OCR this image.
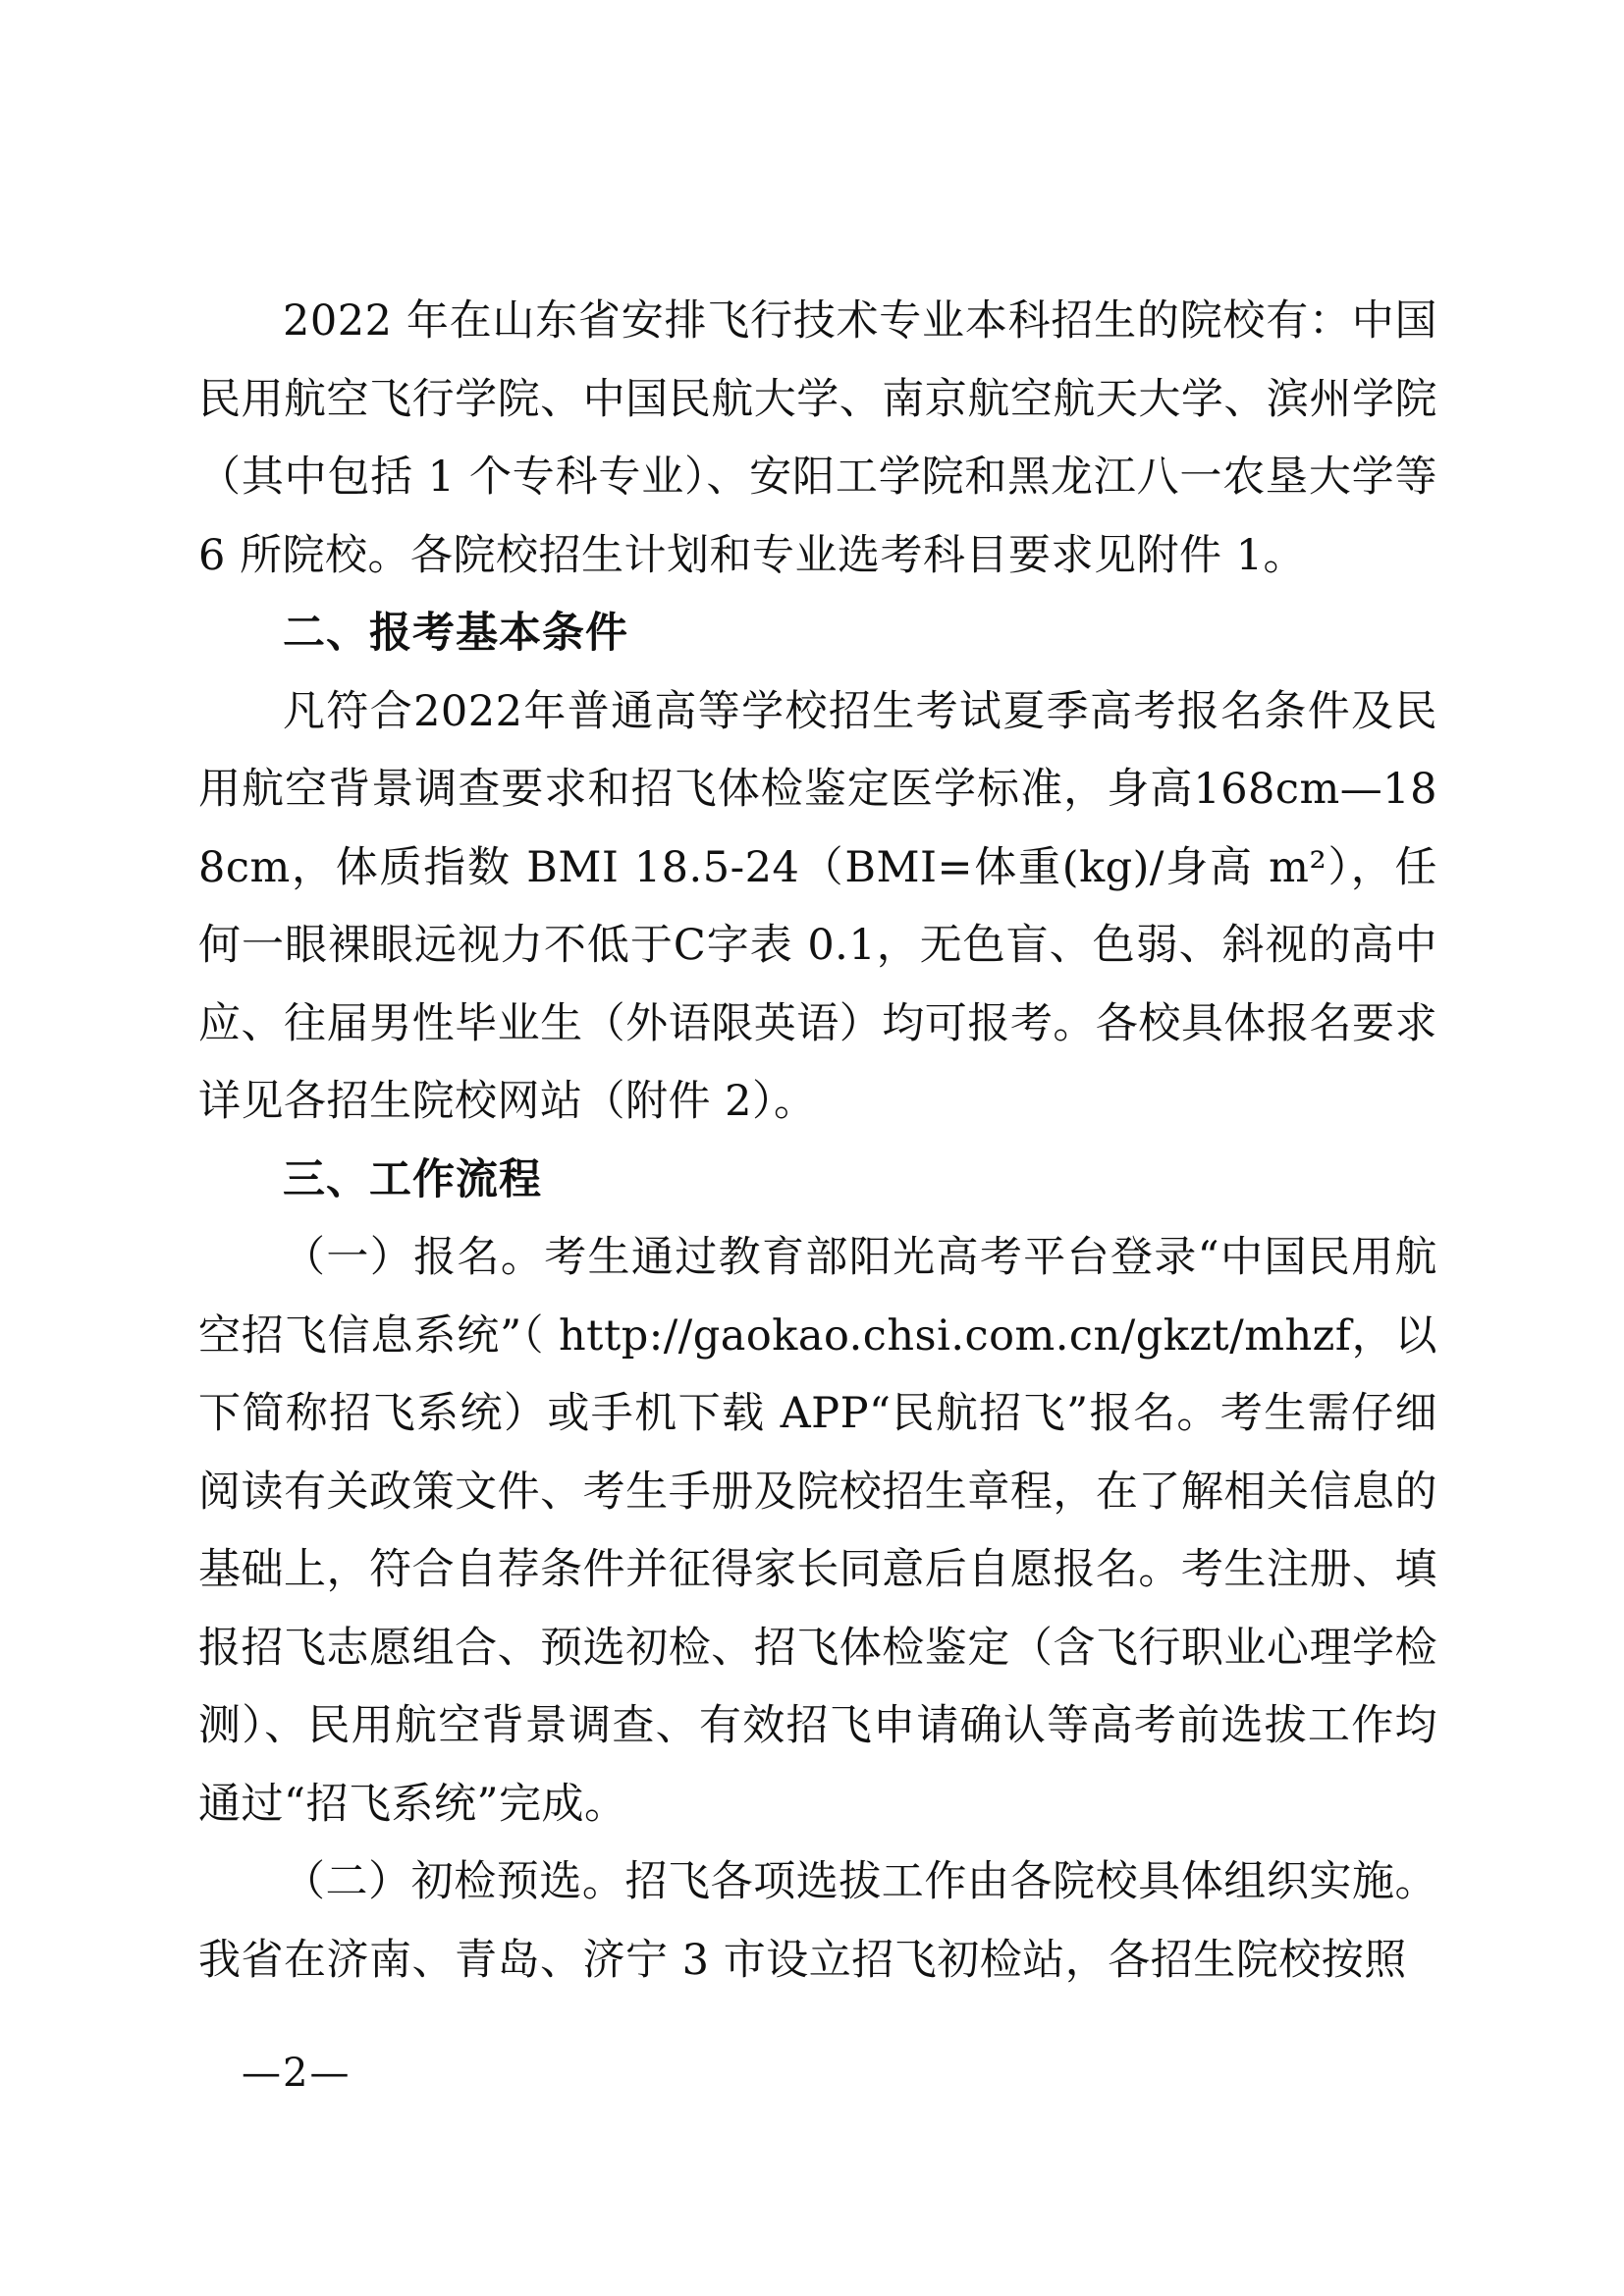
2022 年在山东省安排飞行技术专业本科招生的院校有：中国民用航空飞行学院、中国民航大学、南京航空航天大学、滨州学院（其中包括 1 个专科专业）、安阳工学院和黑龙江八一农垦大学等 6 所院校。各院校招生计划和专业选考科目要求见附件 1。

二、报考基本条件

凡符合2022年普通高等学校招生考试夏季高考报名条件及民用航空背景调查要求和招飞体检鉴定医学标准，身高168cm—188cm，体质指数 BMI 18.5-24（BMI=体重(kg)/身高 m²），任何一眼裸眼远视力不低于C字表 0.1，无色盲、色弱、斜视的高中应、往届男性毕业生（外语限英语）均可报考。各校具体报名要求详见各招生院校网站（附件 2）。

三、工作流程

（一）报名。考生通过教育部阳光高考平台登录“中国民用航空招飞信息系统”（ http://gaokao.chsi.com.cn/gkzt/mhzf，以下简称招飞系统）或手机下载 APP“民航招飞”报名。考生需仔细阅读有关政策文件、考生手册及院校招生章程，在了解相关信息的基础上，符合自荐条件并征得家长同意后自愿报名。考生注册、填报招飞志愿组合、预选初检、招飞体检鉴定（含飞行职业心理学检测）、民用航空背景调查、有效招飞申请确认等高考前选拔工作均通过“招飞系统”完成。

（二）初检预选。招飞各项选拔工作由各院校具体组织实施。我省在济南、青岛、济宁 3 市设立招飞初检站，各招生院校按照

—2—
